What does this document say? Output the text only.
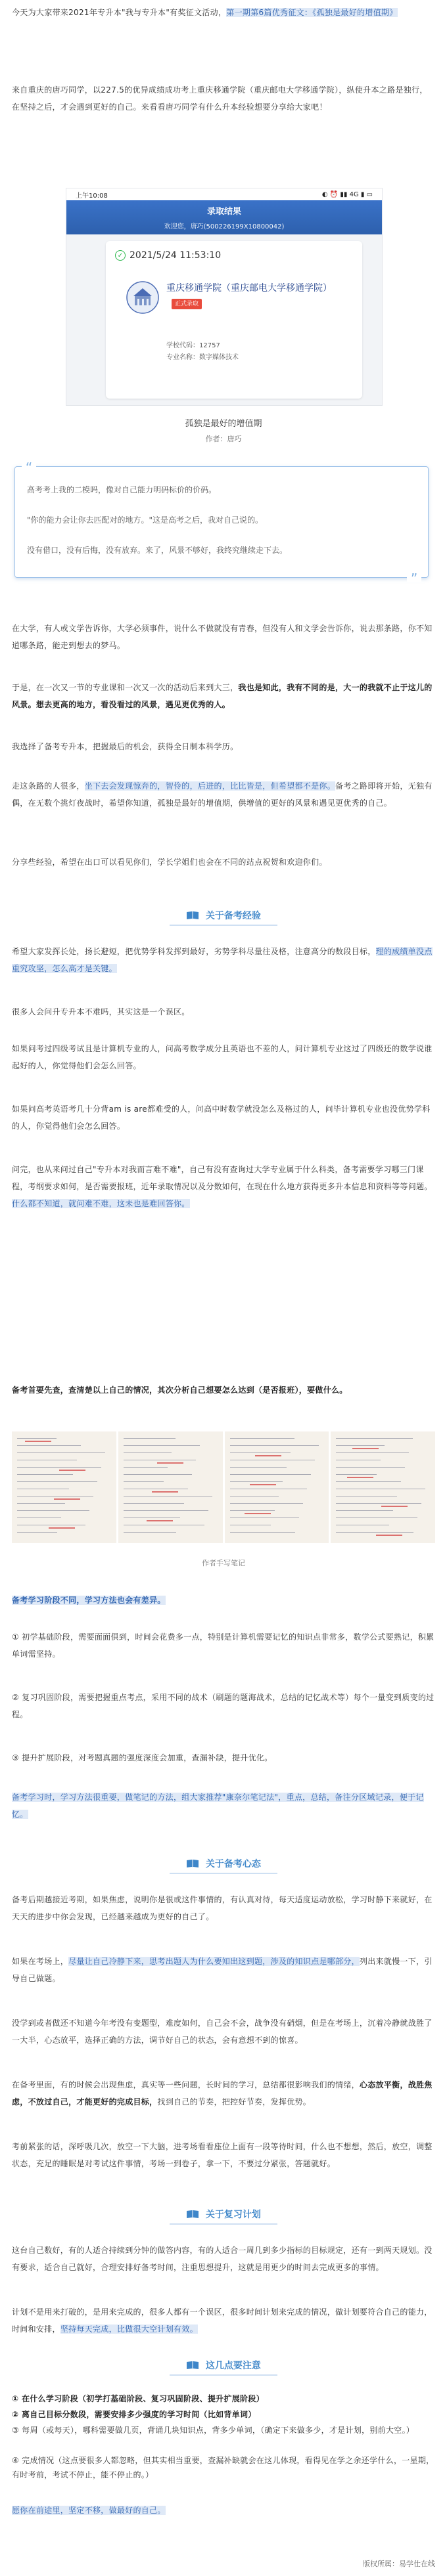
今天为大家带来2021年专升本"我与专升本"有奖征文活动，第一期第6篇优秀征文：《孤独是最好的增值期》

来自重庆的唐巧同学，以227.5的优异成绩成功考上重庆移通学院（重庆邮电大学移通学院），纵使升本之路是独行，在坚持之后，才会遇到更好的自己。来看看唐巧同学有什么升本经验想要分享给大家吧！

上午10:08	◐ ⏰ ▮▮ 4G ▮ ▭
录取结果
欢迎您，唐巧(500226199X10800042)
✓ 2021/5/24 11:53:10
重庆移通学院（重庆邮电大学移通学院）正式录取
学校代码：12757
专业名称：数字媒体技术
孤独是最好的增值期
作者：唐巧
“

高考考上我的二模吗，像对自己能力明码标价的价码。

"你的能力会让你去匹配对的地方。"这是高考之后，我对自己说的。

没有借口，没有后悔，没有放弃。来了，风景不够好，我终究继续走下去。

”

在大学，有人或文学告诉你，大学必须事件，说什么不做就没有青春，但没有人和文学会告诉你，说去那条路，你不知道哪条路，能走到想去的梦马。

于是，在一次又一节的专业课和一次又一次的活动后来到大三，我也是知此，我有不同的是，大一的我就不止于这儿的风景。想去更高的地方，看没看过的风景，遇见更优秀的人。

我选择了备考专升本，把握最后的机会，获得全日制本科学历。

走这条路的人很多，坐下去会发现惊奔的，智伶的，后进的，比比皆是，但希望都不是你。备考之路即将开始，无独有偶，在无数个挑灯夜战时，希望你知道，孤独是最好的增值期，供增值的更好的风景和遇见更优秀的自己。

分享些经验，希望在出口可以看见你们，学长学姐们也会在不同的站点祝贺和欢迎你们。

关于备考经验

希望大家发挥长处，扬长避短，把优势学科发挥到最好，劣势学科尽量往及格，注意高分的数段目标，理的成绩单没点重究攻坚，怎么高才是关键。

很多人会问升专升本不难吗，其实这是一个误区。

如果问考过四级考试且是计算机专业的人，问高考数学成分且英语也不差的人，问计算机专业这过了四级还的数学说谁起好的人，你觉得他们会怎么回答。

如果问高考英语考几十分背am is are都难受的人，问高中时数学就没怎么及格过的人，问毕计算机专业也没优势学科的人，你觉得他们会怎么回答。

问完，也从来问过自己"专升本对我而言难不难"，自己有没有查询过大学专业属于什么科类，备考需要学习哪三门课程，考纲要求如何，是否需要报班，近年录取情况以及分数如何，在现在什么地方获得更多升本信息和资料等等问题。什么都不知道，就问难不难，这未也是难回答你。

备考首要先查，查清楚以上自己的情况，其次分析自己想要怎么达到（是否报班），要做什么。

作者手写笔记

备考学习阶段不同，学习方法也会有差异。

① 初学基础阶段，需要面面俱到，时间会花费多一点，特别是计算机需要记忆的知识点非常多，数学公式要熟记，积累单词需坚持。

② 复习巩固阶段，需要把握重点考点，采用不同的战术（刷题的题海战术，总结的记忆战术等）每个一量变到质变的过程。

③ 提升扩展阶段，对考题真题的强度深度会加重，查漏补缺，提升优化。

备考学习时，学习方法很重要，做笔记的方法，组大家推荐"康奈尔笔记法"，重点，总结，备注分区域记录，便于记忆。

关于备考心态

备考后期越接近考期，如果焦虑，说明你是很或这件事情的，有认真对待，每天适度运动放松，学习时静下来就好，在天天的进步中你会发现，已经越来越成为更好的自己了。

如果在考场上，尽量让自己冷静下来，思考出题人为什么要知出这到题，涉及的知识点是哪部分，列出来就慢一下，引导自己做题。

没学到或者做还不知道今年考没有变题型，难度如何，自己会不会，战争没有硝烟，但是在考场上，沉着冷静就战胜了一大半，心态放平，选择正确的方法，调节好自己的状态，会有意想不到的惊喜。

在备考里面，有的时候会出现焦虑，真实等一些问题，长时间的学习，总结都很影响我们的情绪，心态放平衡，战胜焦虑，不放过自己，才能更好的完成目标，找到自己的节奏，把控好节奏，发挥优势。

考前紧张的话，深呼吸几次，放空一下大脑，进考场看看座位上面有一段等待时间，什么也不想想，然后，放空，调整状态，充足的睡眠是对考试这件事情，考场一到卷子，拿一下，不要过分紧张，答题就好。

关于复习计划

这台自己数好，有的人适合持续到分钟的做答内容，有的人适合一周几到多少指标的目标规定，还有一到两天规划。没有要求，适合自己就好，合理安排好备考时间，注重思想提升，这就是用更少的时间去完成更多的事情。

计划不是用来打破的，是用来完成的，很多人都有一个误区，很多时间计划来完成的情况，做计划要符合自己的能力，时间和安排，坚持每天完成，比做很大空计划有效。

这几点要注意

① 在什么学习阶段（初学打基础阶段、复习巩固阶段、提升扩展阶段）

② 离自己目标分数段，需要安排多少强度的学习时间（比如背单词）

③ 每周（或每天），哪科需要做几页，背诵几块知识点，背多少单词，（确定下来做多少，才是计划，别前大空。）

④ 完成情况（这点要很多人都忽略，但其实相当重要，查漏补缺就会在这儿体现，看得见在学之余还学什么，一星期，有时考前，考试不停止，能不停止的。）

愿你在前途里，坚定不移，做最好的自己。

版权所属：易学仕在线
